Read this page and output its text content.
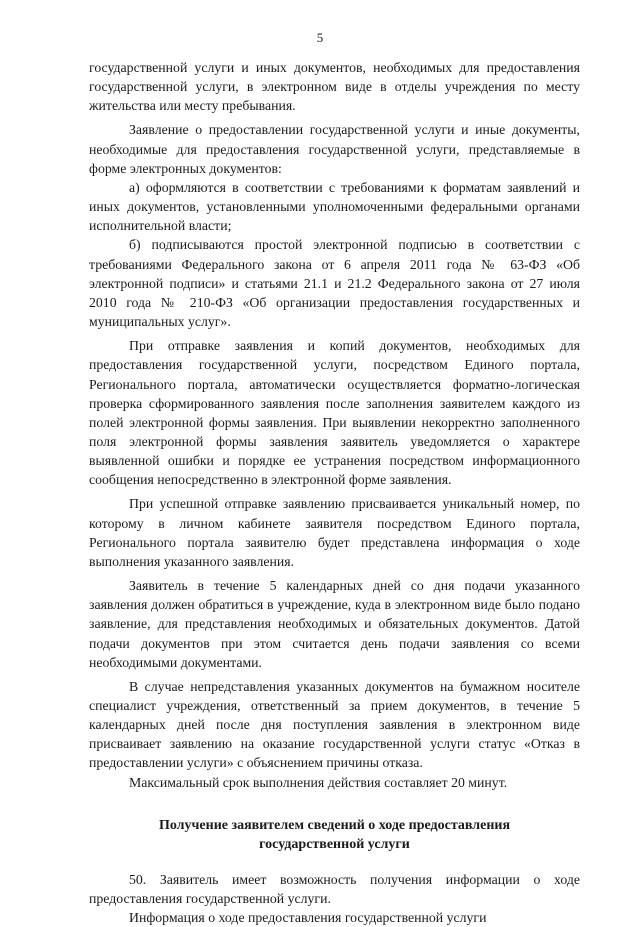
5

государственной услуги и иных документов, необходимых для предоставления государственной услуги, в электронном виде в отделы учреждения по месту жительства или месту пребывания.

Заявление о предоставлении государственной услуги и иные документы, необходимые для предоставления государственной услуги, представляемые в форме электронных документов:

а) оформляются в соответствии с требованиями к форматам заявлений и иных документов, установленными уполномоченными федеральными органами исполнительной власти;

б) подписываются простой электронной подписью в соответствии с требованиями Федерального закона от 6 апреля 2011 года № 63-ФЗ «Об электронной подписи» и статьями 21.1 и 21.2 Федерального закона от 27 июля 2010 года № 210-ФЗ «Об организации предоставления государственных и муниципальных услуг».

При отправке заявления и копий документов, необходимых для предоставления государственной услуги, посредством Единого портала, Регионального портала, автоматически осуществляется форматно-логическая проверка сформированного заявления после заполнения заявителем каждого из полей электронной формы заявления. При выявлении некорректно заполненного поля электронной формы заявления заявитель уведомляется о характере выявленной ошибки и порядке ее устранения посредством информационного сообщения непосредственно в электронной форме заявления.

При успешной отправке заявлению присваивается уникальный номер, по которому в личном кабинете заявителя посредством Единого портала, Регионального портала заявителю будет представлена информация о ходе выполнения указанного заявления.

Заявитель в течение 5 календарных дней со дня подачи указанного заявления должен обратиться в учреждение, куда в электронном виде было подано заявление, для представления необходимых и обязательных документов. Датой подачи документов при этом считается день подачи заявления со всеми необходимыми документами.

В случае непредставления указанных документов на бумажном носителе специалист учреждения, ответственный за прием документов, в течение 5 календарных дней после дня поступления заявления в электронном виде присваивает заявлению на оказание государственной услуги статус «Отказ в предоставлении услуги» с объяснением причины отказа.

Максимальный срок выполнения действия составляет 20 минут.

Получение заявителем сведений о ходе предоставления
государственной услуги

50. Заявитель имеет возможность получения информации о ходе предоставления государственной услуги.

Информация о ходе предоставления государственной услуги
